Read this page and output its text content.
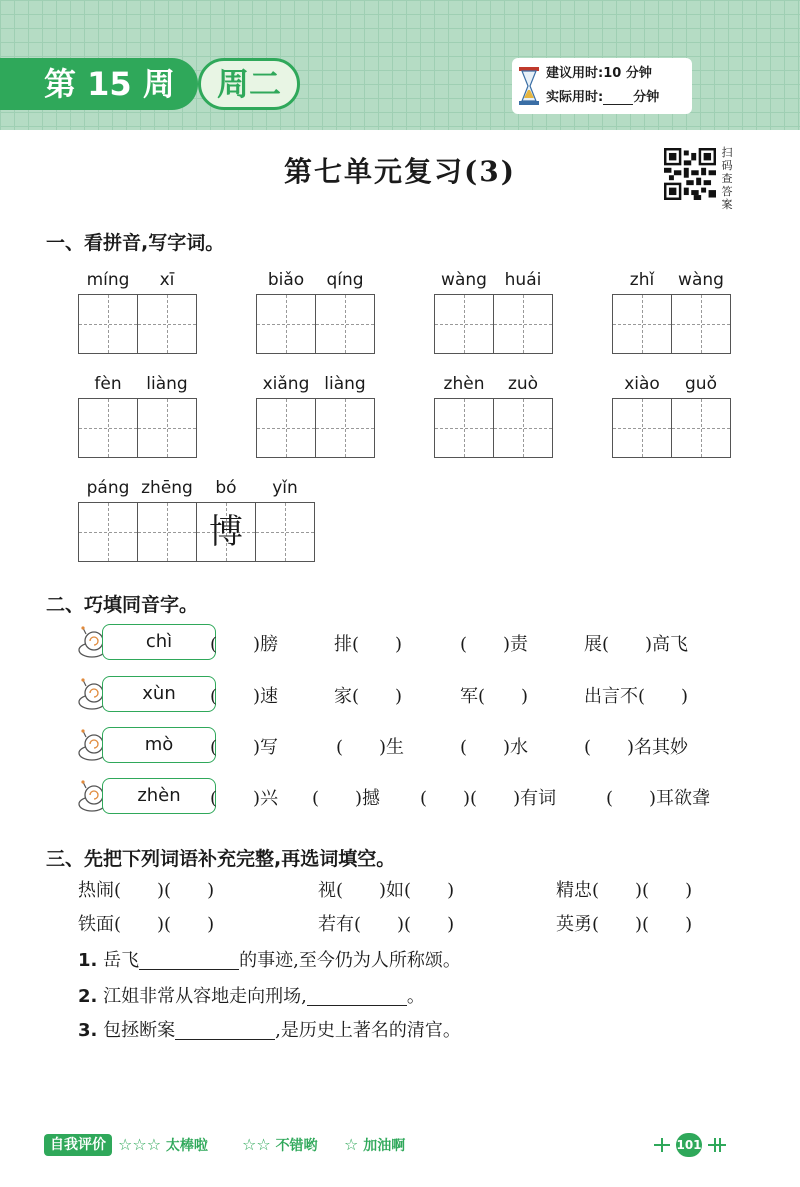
第 15 周	周二	建议用时:10 分钟
实际用时: 分钟
第七单元复习(3)
扫码查答案
一、看拼音,写字词。
míng	xī	biǎo	qíng	wàng	huái	zhǐ	wàng
fèn	liàng	xiǎng liàng	zhèn	zuò	xiào	guǒ
páng zhēng	bó	yǐn
博
二、巧填同音字。
chì	(　　)膀	排(　　)	(　　)责	展(　　)高飞
xùn	(　　)速	家(　　)	军(　　)	出言不(　　)
mò	(　　)写	(　　)生	(　　)水	(　　)名其妙
zhèn	(　　)兴 (　　)撼 (　　)(　　)有词	(　　)耳欲聋
三、先把下列词语补充完整,再选词填空。
热闹(　　)(　　)	视(　　)如(　　)	精忠(　　)(　　)
铁面(　　)(　　)	若有(　　)(　　)	英勇(　　)(　　)
1. 岳飞	的事迹,至今仍为人所称颂。
2. 江姐非常从容地走向刑场,	。
3. 包拯断案	,是历史上著名的清官。
自我评价 ☆☆☆ 太棒啦 ☆☆ 不错哟 ☆ 加油啊	101
